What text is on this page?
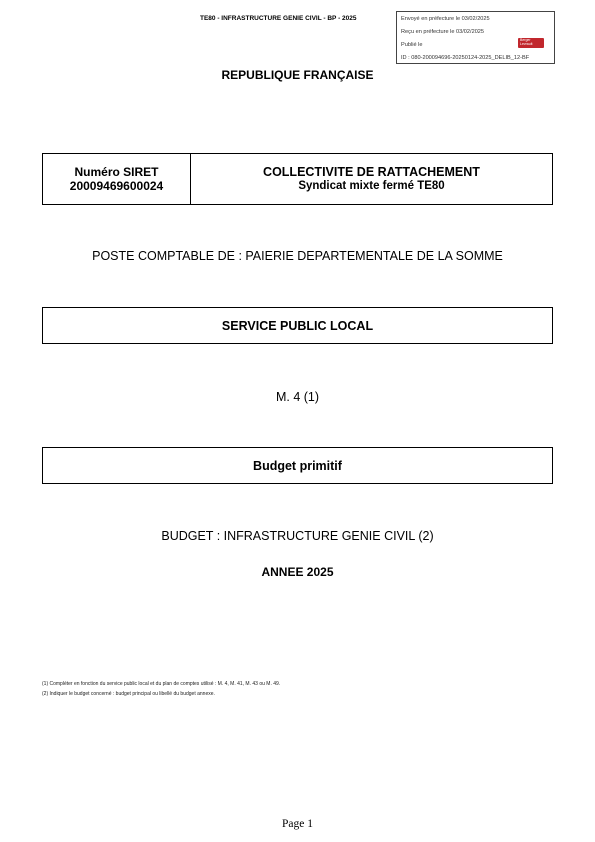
TE80 - INFRASTRUCTURE GENIE CIVIL - BP - 2025	Envoyé en préfecture le 03/02/2025
Reçu en préfecture le 03/02/2025
Publié le
ID : 080-200094696-20250124-2025_DELIB_12-BF
Berger
Levrault
REPUBLIQUE FRANÇAISE
Numéro SIRET
20009469600024
COLLECTIVITE DE RATTACHEMENT
Syndicat mixte fermé TE80
POSTE COMPTABLE DE : PAIERIE DEPARTEMENTALE DE LA SOMME
SERVICE PUBLIC LOCAL
M. 4 (1)
Budget primitif
BUDGET : INFRASTRUCTURE GENIE CIVIL (2)
ANNEE 2025
(1) Compléter en fonction du service public local et du plan de comptes utilisé : M. 4, M. 41, M. 43 ou M. 49.
(2) Indiquer le budget concerné : budget principal ou libellé du budget annexe.
Page 1
